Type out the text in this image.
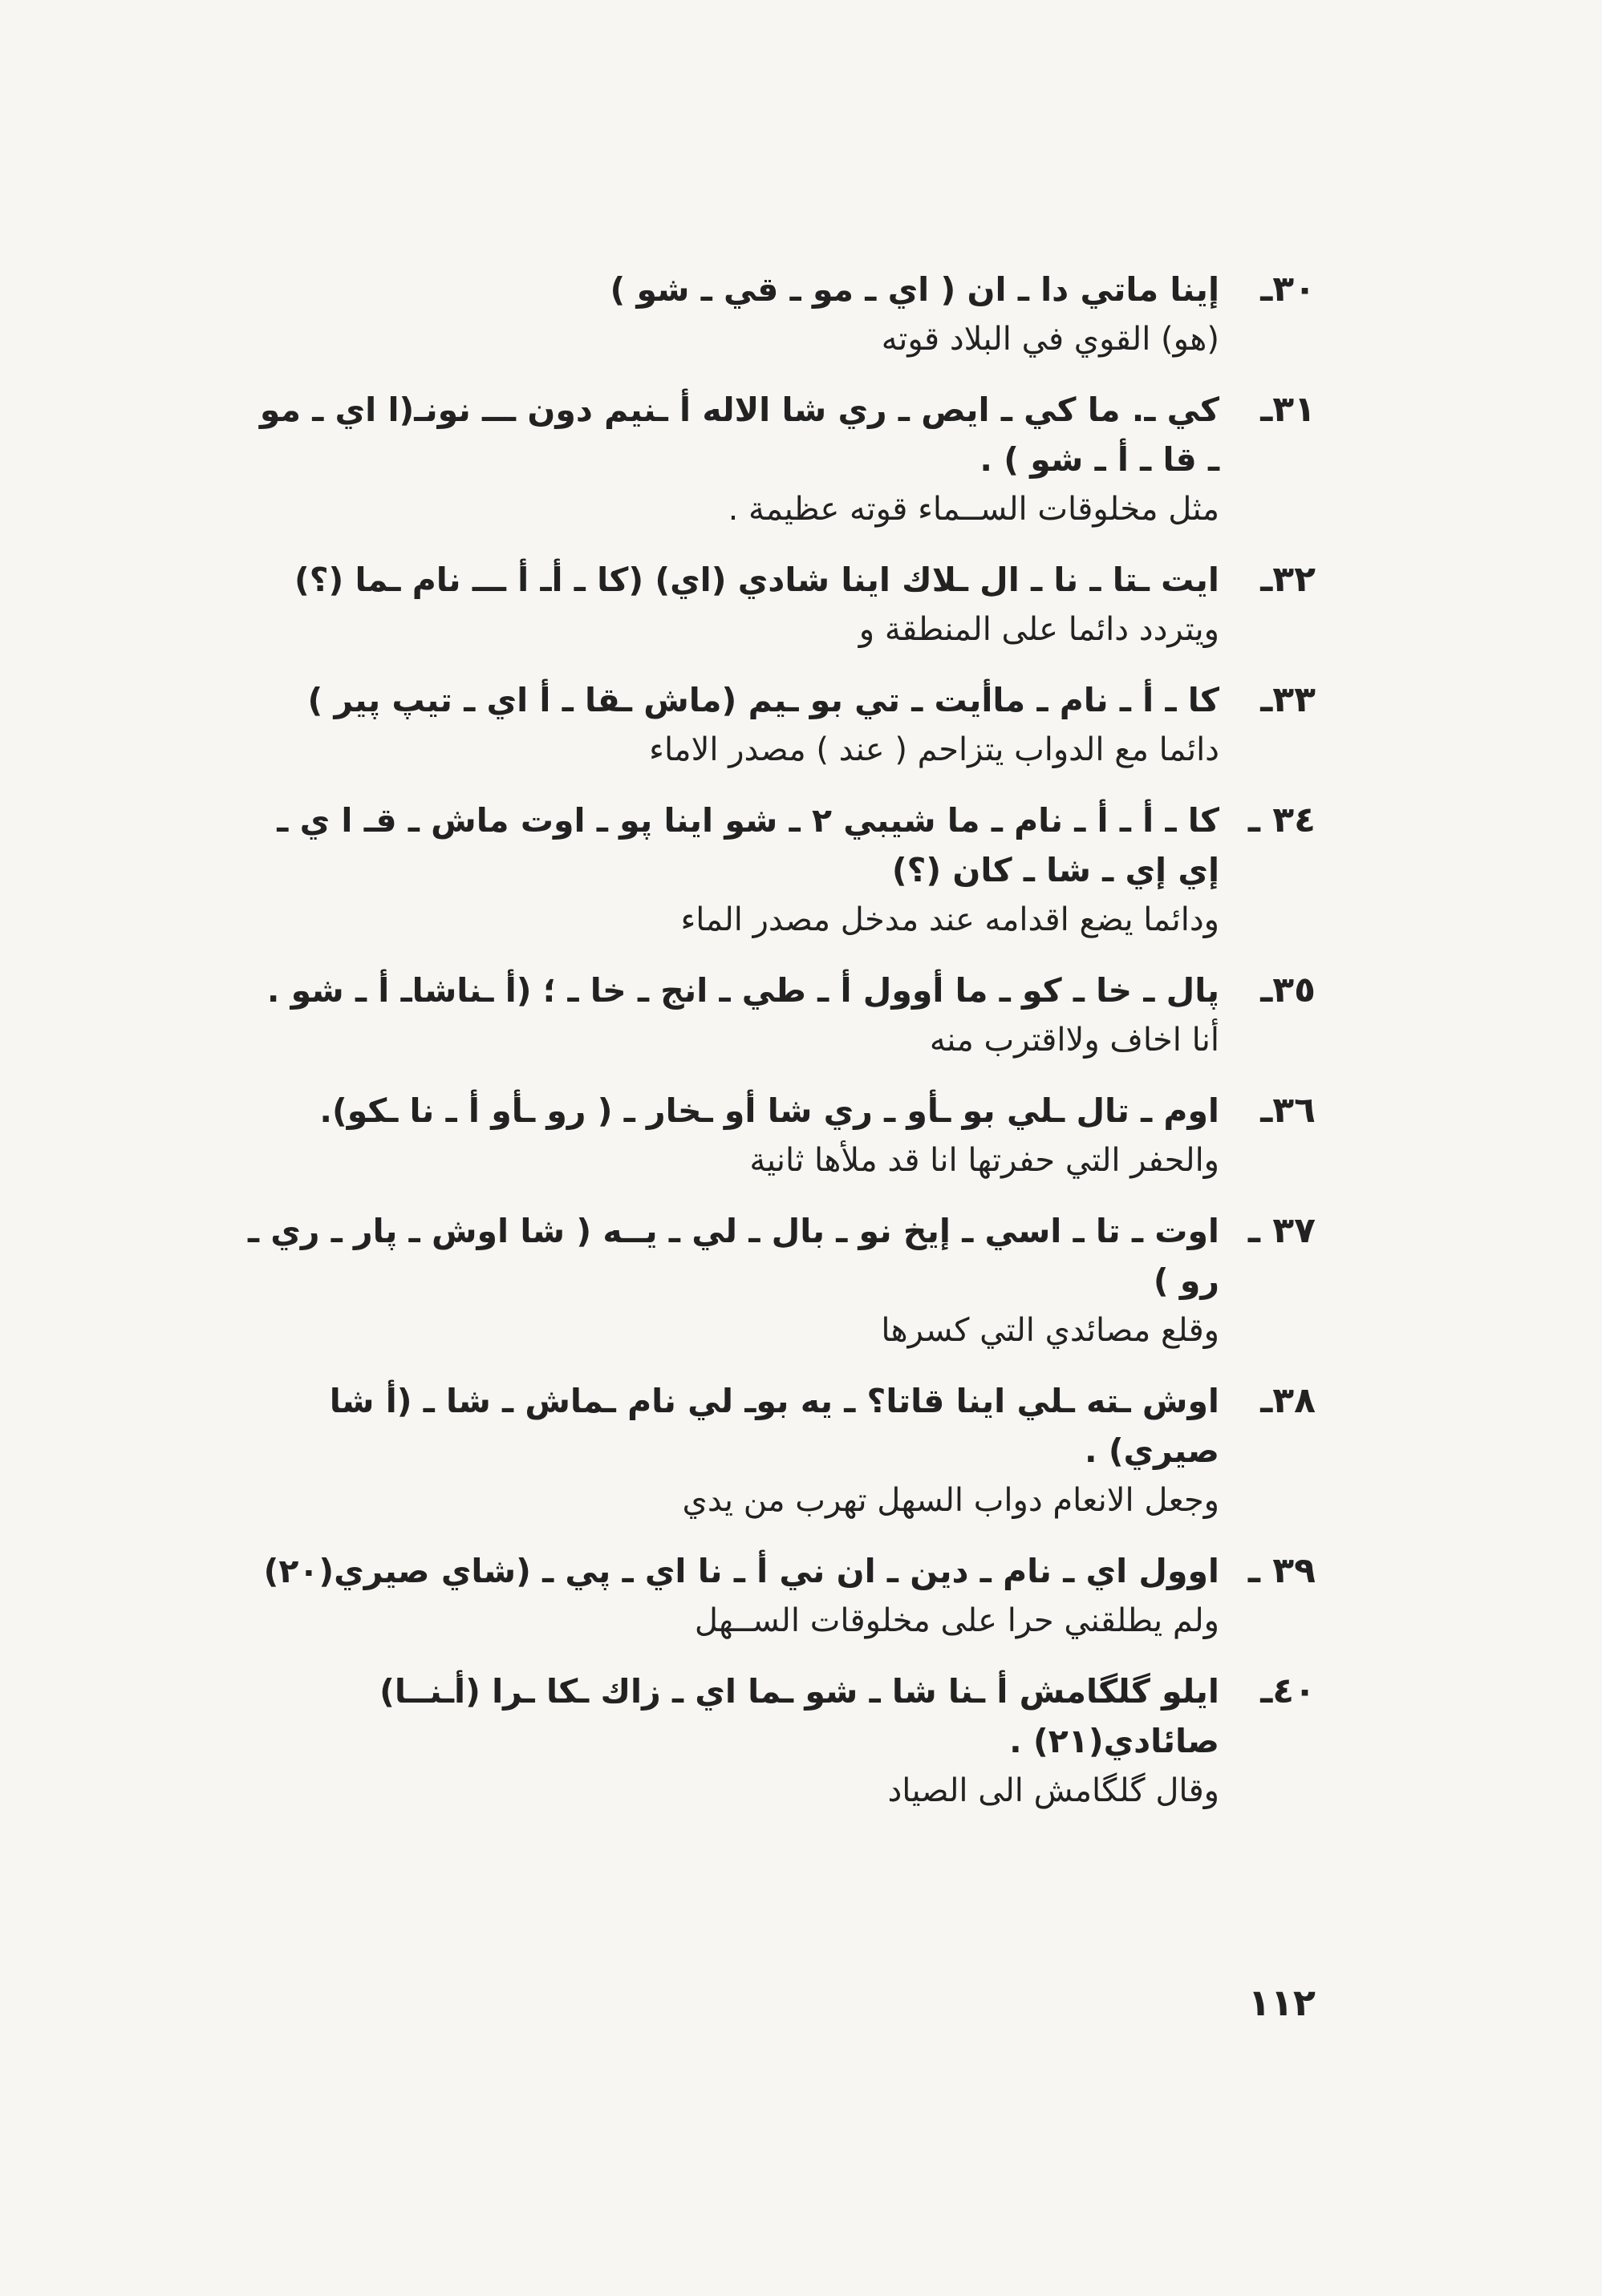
٣٠ـ
إينا ماتي دا ـ ان ( اي ـ مو ـ قي ـ شو )
(هو) القوي في البلاد قوته
٣١ـ
كي ـ. ما كي ـ ايص ـ ري شا الاله أ ـنيم دون ـــ نونـ(ا اي ـ مو ـ قا ـ أ ـ شو ) .
مثل مخلوقات الســماء قوته عظيمة .
٣٢ـ
ايت ـتا ـ نا ـ ال ـلاك اينا شادي (اي) (كا ـ أـ أ ـــ نام ـما (؟)
ويتردد دائما على المنطقة و
٣٣ـ
كا ـ أ ـ نام ـ ماأيت ـ تي بو ـيم (ماش ـقا ـ أ اي ـ تيپ پير )
دائما مع الدواب يتزاحم ( عند ) مصدر الاماء
٣٤ ـ
كا ـ أ ـ أ ـ نام ـ ما شيبي ٢ ـ شو اينا پو ـ اوت ماش ـ قـ ا ي ـ إي إي ـ شا ـ كان (؟)
ودائما يضع اقدامه عند مدخل مصدر الماء
٣٥ـ
پال ـ خا ـ كو ـ ما أوول أ ـ طي ـ انج ـ خا ـ ؛ (أ ـناشاـ أ ـ شو .
أنا اخاف ولااقترب منه
٣٦ـ
اوم ـ تال ـلي بو ـأو ـ ري شا أو ـخار ـ ( رو ـأو أ ـ نا ـكو).
والحفر التي حفرتها انا قد ملأها ثانية
٣٧ ـ
اوت ـ تا ـ اسي ـ إيخ نو ـ بال ـ لي ـ يــه ( شا اوش ـ پار ـ ري ـ رو )
وقلع مصائدي التي كسرها
٣٨ـ
اوش ـته ـلي اينا قاتا؟ ـ يه بوـ لي نام ـماش ـ شا ـ (أ شا صيري) .
وجعل الانعام دواب السهل تهرب من يدي
٣٩ ـ
اوول اي ـ نام ـ دين ـ ان ني أ ـ نا اي ـ پي ـ (شاي صيري(٢٠)
ولم يطلقني حرا على مخلوقات الســهل
٤٠ـ
ايلو گلگامش أ ـنا شا ـ شو ـما اي ـ زاك ـكا ـرا (أـنــا) صائادي(٢١) .
وقال گلگامش الى الصياد
١١٢
